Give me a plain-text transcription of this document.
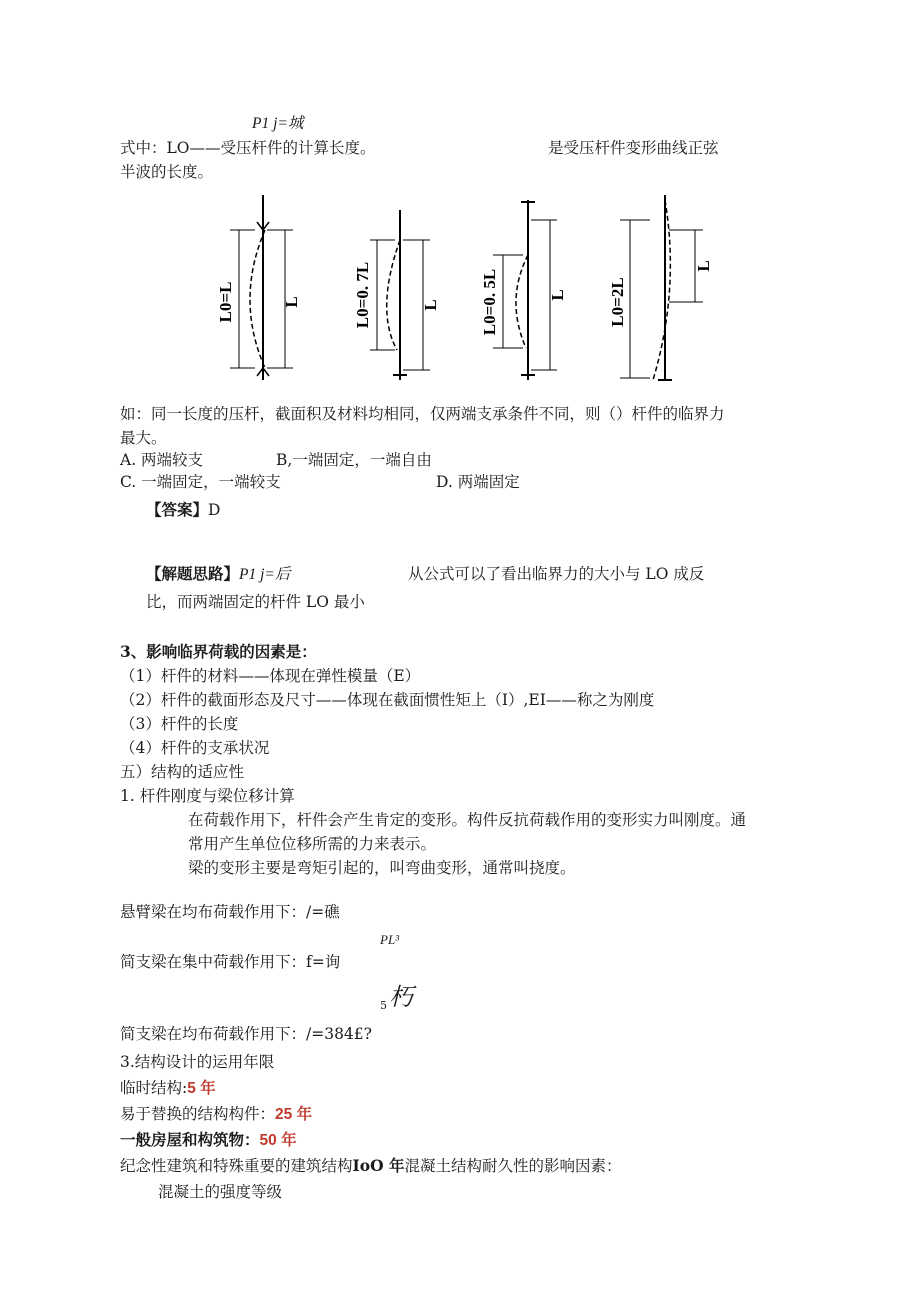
P1 j=城
式中：LO——受压杆件的计算长度。	是受压杆件变形曲线正弦
半波的长度。
L0=L	L	L0=0. 7L	L L0=0. 5L	L L0=2L
L
如：同一长度的压杆，截面积及材料均相同，仅两端支承条件不同，则（）杆件的临界力
最大。
A. 两端较支	B,一端固定，一端自由
C. 一端固定，一端较支	D. 两端固定
【答案】D
【解题思路】P1 j=后	从公式可以了看出临界力的大小与 LO 成反
比，而两端固定的杆件 LO 最小
3、影响临界荷载的因素是：
（1）杆件的材料——体现在弹性模量（E）
（2）杆件的截面形态及尺寸——体现在截面惯性矩上（I）,EI——称之为刚度
（3）杆件的长度
（4）杆件的支承状况
五）结构的适应性
1. 杆件刚度与梁位移计算
在荷载作用下，杆件会产生肯定的变形。构件反抗荷载作用的变形实力叫刚度。通
常用产生单位位移所需的力来表示。
梁的变形主要是弯矩引起的，叫弯曲变形，通常叫挠度。
悬臂梁在均布荷载作用下：/=礁
PL³
简支梁在集中荷载作用下：f=询
5 朽
简支梁在均布荷载作用下：/=384£?
3.结构设计的运用年限
临时结构:5 年
易于替换的结构构件：25 年
一般房屋和构筑物：50 年
纪念性建筑和特殊重要的建筑结构IoO 年混凝土结构耐久性的影响因素：
混凝土的强度等级
